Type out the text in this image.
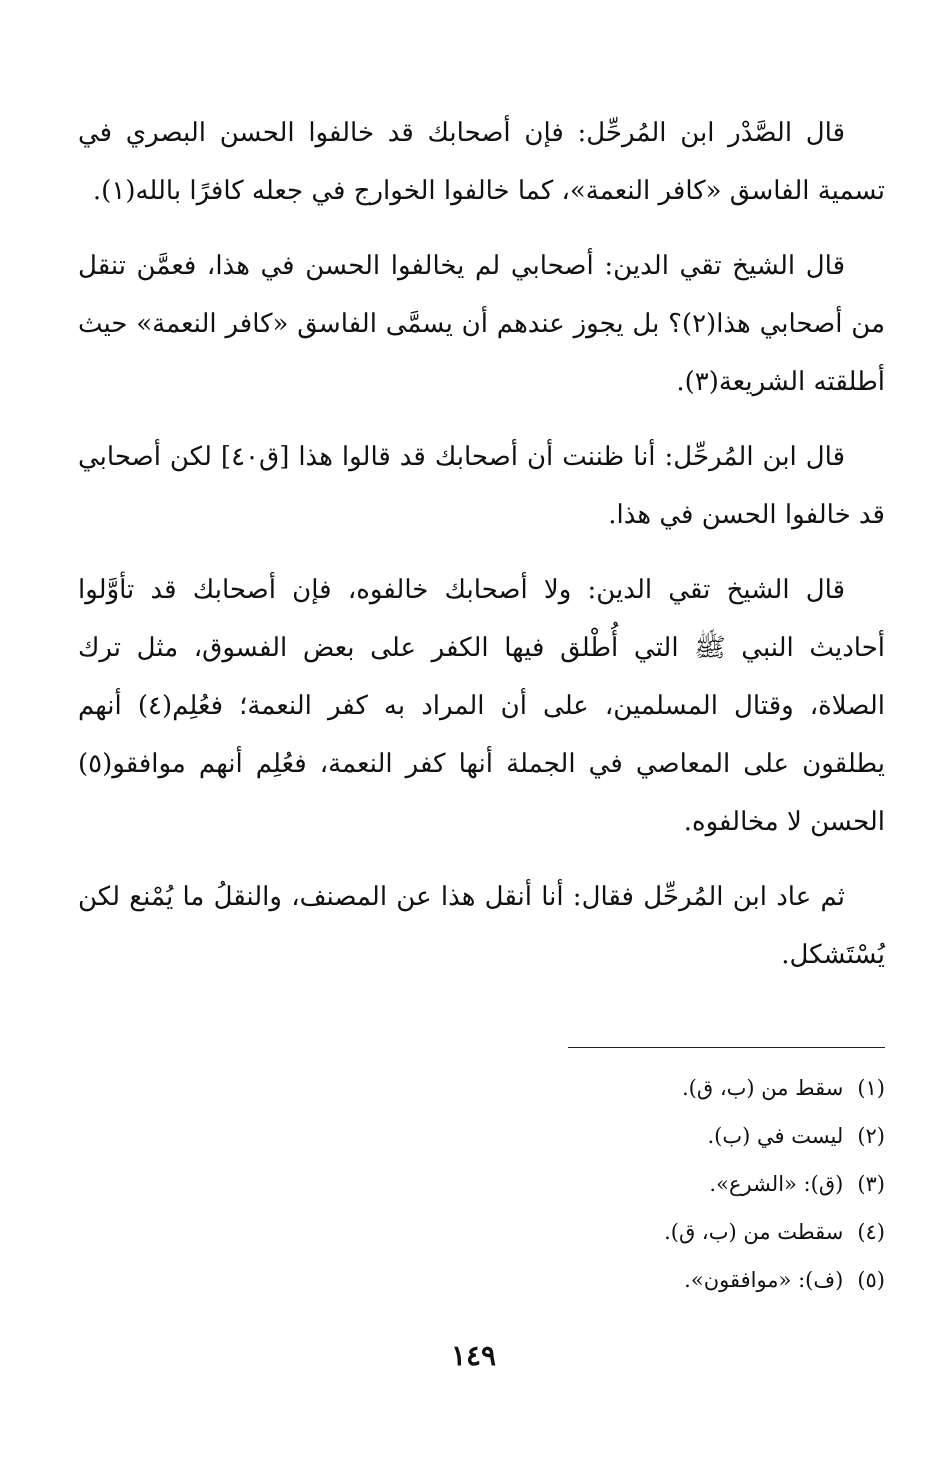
قال الصَّدْر ابن المُرحِّل: فإن أصحابك قد خالفوا الحسن البصري في تسمية الفاسق «كافر النعمة»، كما خالفوا الخوارج في جعله كافرًا بالله(١).

قال الشيخ تقي الدين: أصحابي لم يخالفوا الحسن في هذا، فعمَّن تنقل من أصحابي هذا(٢)؟ بل يجوز عندهم أن يسمَّى الفاسق «كافر النعمة» حيث أطلقته الشريعة(٣).

قال ابن المُرحِّل: أنا ظننت أن أصحابك قد قالوا هذا [ق٤٠] لكن أصحابي قد خالفوا الحسن في هذا.

قال الشيخ تقي الدين: ولا أصحابك خالفوه، فإن أصحابك قد تأوَّلوا أحاديث النبي ﷺ التي أُطْلق فيها الكفر على بعض الفسوق، مثل ترك الصلاة، وقتال المسلمين، على أن المراد به كفر النعمة؛ فعُلِم(٤) أنهم يطلقون على المعاصي في الجملة أنها كفر النعمة، فعُلِم أنهم موافقو(٥) الحسن لا مخالفوه.

ثم عاد ابن المُرحِّل فقال: أنا أنقل هذا عن المصنف، والنقلُ ما يُمْنع لكن يُسْتَشكل.

(١)سقط من (ب، ق).
(٢)ليست في (ب).
(٣)(ق): «الشرع».
(٤)سقطت من (ب، ق).
(٥)(ف): «موافقون».
١٤٩
